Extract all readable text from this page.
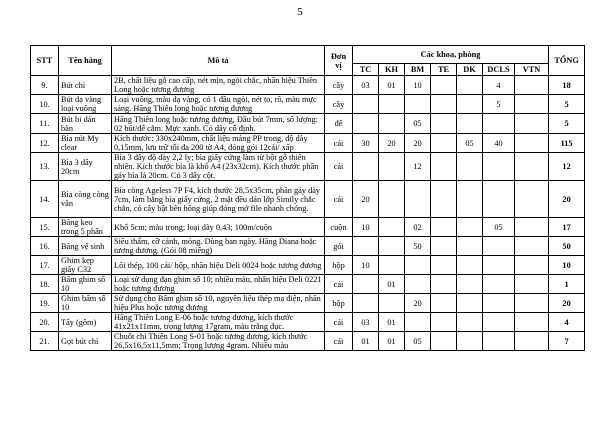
5
STT	Tên hàng	Mô tả	Đơn vị	Các khoa, phòng							TỔNG
				TC	KH	BM	TE	DK	DCLS	VTN	
9.	Bút chì	2B, chất liệu gỗ cao cấp, nét mịn, ngòi chắc, nhãn hiệu Thiên Long hoặc tương đương	cây	03	01	10			4		18
10.	Bút dạ vàng loại vuông	Loại vuông, màu dạ vàng, có 1 đầu ngòi, nét to, rõ, màu mực sáng. Hãng Thiên long hoặc tương đương	cây						5		5
11.	Bút bi dán bàn	Hãng Thiên long hoặc tương đương, Đầu bút 7mm, số lượng: 02 bút/đế cắm. Mực xanh. Có dây cố định.	đế			05					5
12.	Bìa nút My clear	Kích thước: 330x240mm, chất liệu mảng PP trong, độ dày 0,15mm, lưu trữ tối đa 200 tờ A4, đóng gói 12cái/ xấp	cái	30	20	20		05	40		115
13.	Bìa 3 dây 20cm	Bìa 3 dây độ dày 2,2 ly; bìa giấy cứng làm từ bột gỗ thiên nhiên. Kích thước bìa là khổ A4 (23x32cm). Kích thước phần gáy bìa là 20cm. Có 3 dây cột.	cái			12					12
14.	Bìa còng còng văn	Bìa còng Ageless 7P F4, kích thước 28,5x35cm, phần gáy dày 7cm, làm bằng bìa giấy cứng, 2 mặt đều dán lớp Simily chắc chắn, có cây bật bên hông giúp đóng mở file nhanh chóng.	cái	20							20
15.	Băng keo trong 5 phân	Khổ 5cm; màu trong; loại dày 0,43; 100m/cuộn	cuộn	10		02			05		17
16.	Băng vệ sinh	Siêu thấm, cỡ cánh, mỏng. Dùng ban ngày. Hãng Diana hoặc tương đương. (Gói 08 miếng)	gói			50					50
17.	Ghim kẹp giấy C32	Lõi thép, 100 cái/ hộp, nhãn hiệu Deli 0024 hoặc tương đương	hộp	10							10
18.	Bấm ghim số 10	Loại sử dụng đạn ghim số 10; nhiều màu, nhãn hiệu Deli 0221 hoặc tương đương	cái		01						1
19.	Ghim bấm số 10	Sử dụng cho Bấm ghim số 10, nguyên liệu thép mạ điện, nhãn hiệu Plus hoặc tương đương	hộp			20					20
20.	Tẩy (gôm)	Hãng Thiên Long E-06 hoặc tương đương, kích thước 41x21x11mm, trọng lượng 17gram, màu trắng đục.	cái	03	01						4
21.	Gọt bút chì	Chuốt chì Thiên Long S-01 hoặc tương đương, kích thước 26,5x16,5x11,5mm; Trọng lượng 4gram. Nhiều màu	cái	01	01	05					7
